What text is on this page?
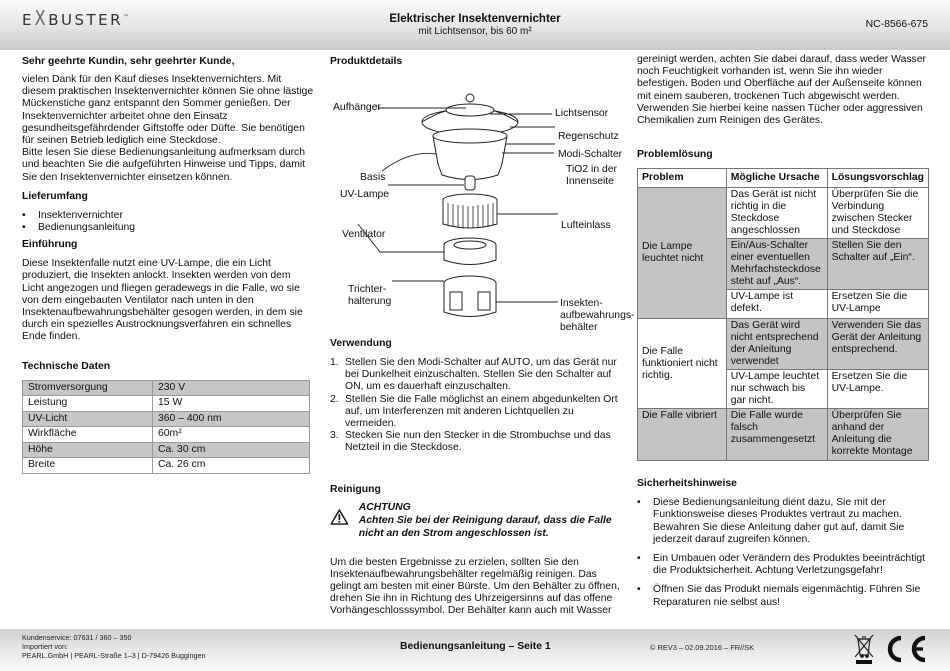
EXBUSTER™	Elektrischer Insektenvernichter
mit Lichtsensor, bis 60 m²
NC-8566-675
Sehr geehrte Kundin, sehr geehrter Kunde,

vielen Dank für den Kauf dieses Insektenvernichters. Mit diesem praktischen Insektenvernichter können Sie ohne lästige Mückenstiche ganz entspannt den Sommer genießen. Der Insektenvernichter arbeitet ohne den Einsatz gesundheitsgefährdender Giftstoffe oder Düfte. Sie benötigen für seinen Betrieb lediglich eine Steckdose.

Bitte lesen Sie diese Bedienungsanleitung aufmerksam durch und beachten Sie die aufgeführten Hinweise und Tipps, damit Sie den Insektenvernichter einsetzen können.

Lieferumfang
• Insektenvernichter
• Bedienungsanleitung
Einführung

Diese Insektenfalle nutzt eine UV-Lampe, die ein Licht produziert, die Insekten anlockt. Insekten werden von dem Licht angezogen und fliegen geradewegs in die Falle, wo sie von dem eingebauten Ventilator nach unten in den Insektenaufbewahrungsbehälter gesogen werden, in dem sie durch ein spezielles Austrocknungsverfahren ein schnelles Ende finden.

Technische Daten
Stromversorgung	230 V
Leistung	15 W
UV-Licht	360 – 400 nm
Wirkfläche	60m²
Höhe	Ca. 30 cm
Breite	Ca. 26 cm
Produktdetails
Aufhänger
Lichtsensor
Regenschutz
Modi-Schalter
TiO2 in der
Innenseite
Basis
UV-Lampe
Lufteinlass
Ventilator
Trichter-
halterung	Insekten-
aufbewahrungs-
behälter
Verwendung
1. Stellen Sie den Modi-Schalter auf AUTO, um das Gerät nur bei Dunkelheit einzuschalten. Stellen Sie den Schalter auf ON, um es dauerhaft einzuschalten.
2. Stellen Sie die Falle möglichst an einem abgedunkelten Ort auf, um Interferenzen mit anderen Lichtquellen zu vermeiden.
3. Stecken Sie nun den Stecker in die Strombuchse und das Netzteil in die Steckdose.
Reinigung
ACHTUNG
Achten Sie bei der Reinigung darauf, dass die Falle nicht an den Strom angeschlossen ist.

Um die besten Ergebnisse zu erzielen, sollten Sie den Insektenaufbewahrungsbehälter regelmäßig reinigen. Das gelingt am besten mit einer Bürste. Um den Behälter zu öffnen, drehen Sie ihn in Richtung des Uhrzeigersinns auf das offene Vorhängeschlosssymbol. Der Behälter kann auch mit Wasser

gereinigt werden, achten Sie dabei darauf, dass weder Wasser noch Feuchtigkeit vorhanden ist, wenn Sie ihn wieder befestigen. Boden und Oberfläche auf der Außenseite können mit einem sauberen, trockenen Tuch abgewischt werden. Verwenden Sie hierbei keine nassen Tücher oder aggressiven Chemikalien zum Reinigen des Gerätes.

Problemlösung
Problem	Mögliche Ursache	Lösungsvorschlag
Die Lampe leuchtet nicht	Das Gerät ist nicht richtig in die Steckdose angeschlossen	Überprüfen Sie die Verbindung zwischen Stecker und Steckdose
	Ein/Aus-Schalter einer eventuellen Mehrfachsteckdose steht auf „Aus“.	Stellen Sie den Schalter auf „Ein“.
	UV-Lampe ist defekt.	Ersetzen Sie die UV-Lampe
Die Falle funktioniert nicht richtig.	Das Gerät wird nicht entsprechend der Anleitung verwendet	Verwenden Sie das Gerät der Anleitung entsprechend.
	UV-Lampe leuchtet nur schwach bis gar nicht.	Ersetzen Sie die UV-Lampe.
Die Falle vibriert	Die Falle wurde falsch zusammengesetzt	Überprüfen Sie anhand der Anleitung die korrekte Montage
Sicherheitshinweise
• Diese Bedienungsanleitung dient dazu, Sie mit der Funktionsweise dieses Produktes vertraut zu machen. Bewahren Sie diese Anleitung daher gut auf, damit Sie jederzeit darauf zugreifen können.
• Ein Umbauen oder Verändern des Produktes beeinträchtigt die Produktsicherheit. Achtung Verletzungsgefahr!
• Öffnen Sie das Produkt niemals eigenmächtig. Führen Sie Reparaturen nie selbst aus!
Kundenservice: 07631 / 360 – 350
Importiert von:
PEARL.GmbH | PEARL-Straße 1–3 | D-79426 Buggingen
Bedienungsanleitung – Seite 1	© REV3 – 02.09.2016 – FR//SK
